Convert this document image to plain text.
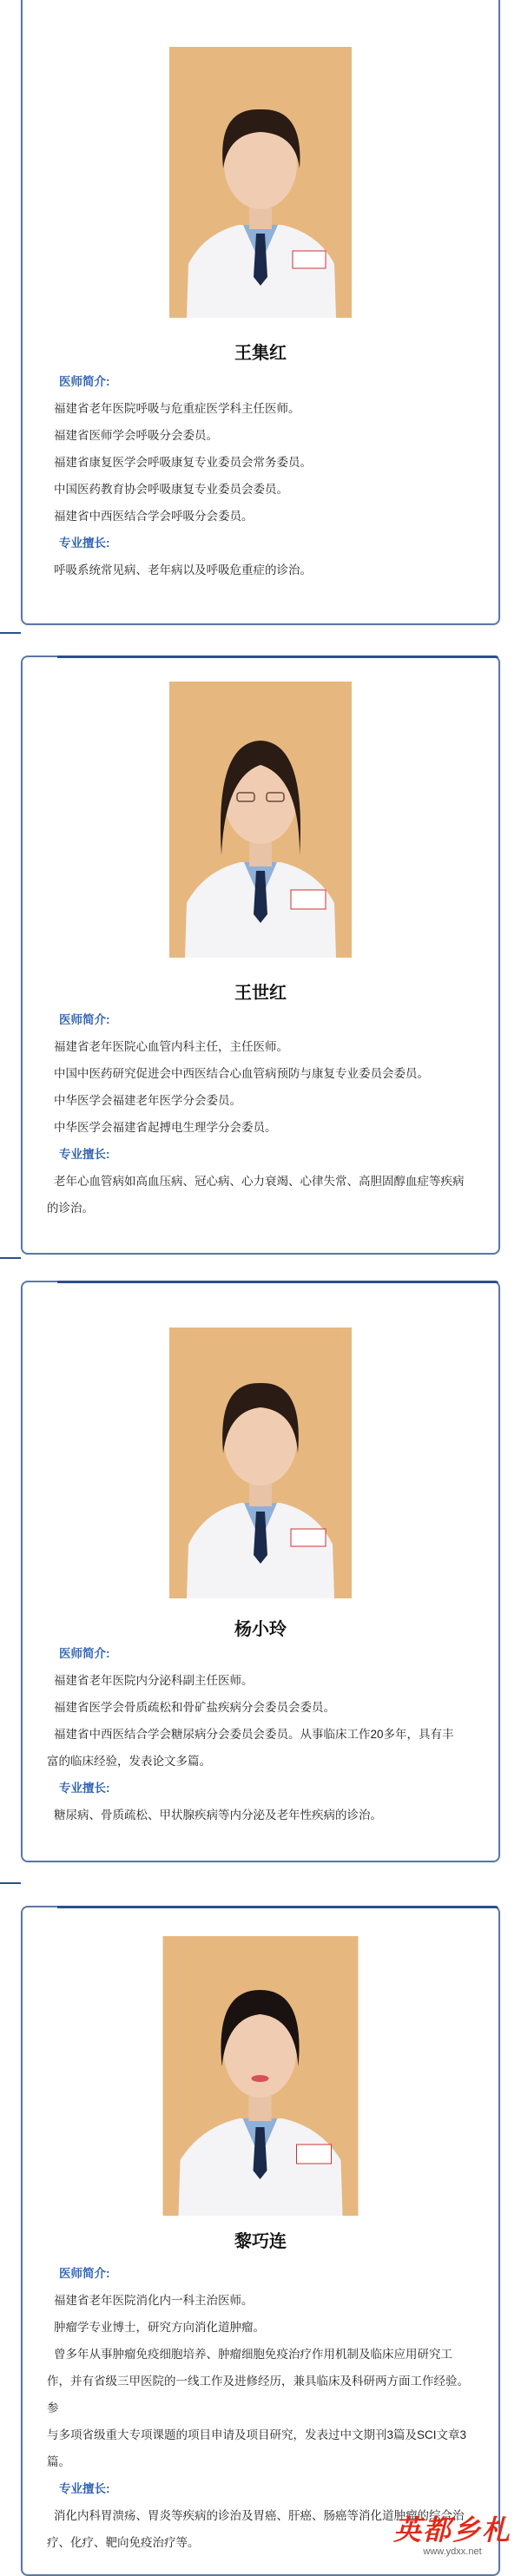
王集红
医师简介:
福建省老年医院呼吸与危重症医学科主任医师。
福建省医师学会呼吸分会委员。
福建省康复医学会呼吸康复专业委员会常务委员。
中国医药教育协会呼吸康复专业委员会委员。
福建省中西医结合学会呼吸分会委员。
专业擅长:
呼吸系统常见病、老年病以及呼吸危重症的诊治。
王世红
医师简介:
福建省老年医院心血管内科主任，主任医师。
中国中医药研究促进会中西医结合心血管病预防与康复专业委员会委员。
中华医学会福建老年医学分会委员。
中华医学会福建省起搏电生理学分会委员。
专业擅长:
老年心血管病如高血压病、冠心病、心力衰竭、心律失常、高胆固醇血症等疾病
的诊治。
杨小玲
医师简介:
福建省老年医院内分泌科副主任医师。
福建省医学会骨质疏松和骨矿盐疾病分会委员会委员。
福建省中西医结合学会糖尿病分会委员会委员。从事临床工作20多年，具有丰
富的临床经验，发表论文多篇。
专业擅长:
糖尿病、骨质疏松、甲状腺疾病等内分泌及老年性疾病的诊治。
黎巧连
医师简介:
福建省老年医院消化内一科主治医师。
肿瘤学专业博士，研究方向消化道肿瘤。
曾多年从事肿瘤免疫细胞培养、肿瘤细胞免疫治疗作用机制及临床应用研究工
作，并有省级三甲医院的一线工作及进修经历，兼具临床及科研两方面工作经验。参
与多项省级重大专项课题的项目申请及项目研究，发表过中文期刊3篇及SCI文章3
篇。
专业擅长:
消化内科胃溃疡、胃炎等疾病的诊治及胃癌、肝癌、肠癌等消化道肿瘤的综合治
疗、化疗、靶向免疫治疗等。	英都乡札
www.ydxx.net
